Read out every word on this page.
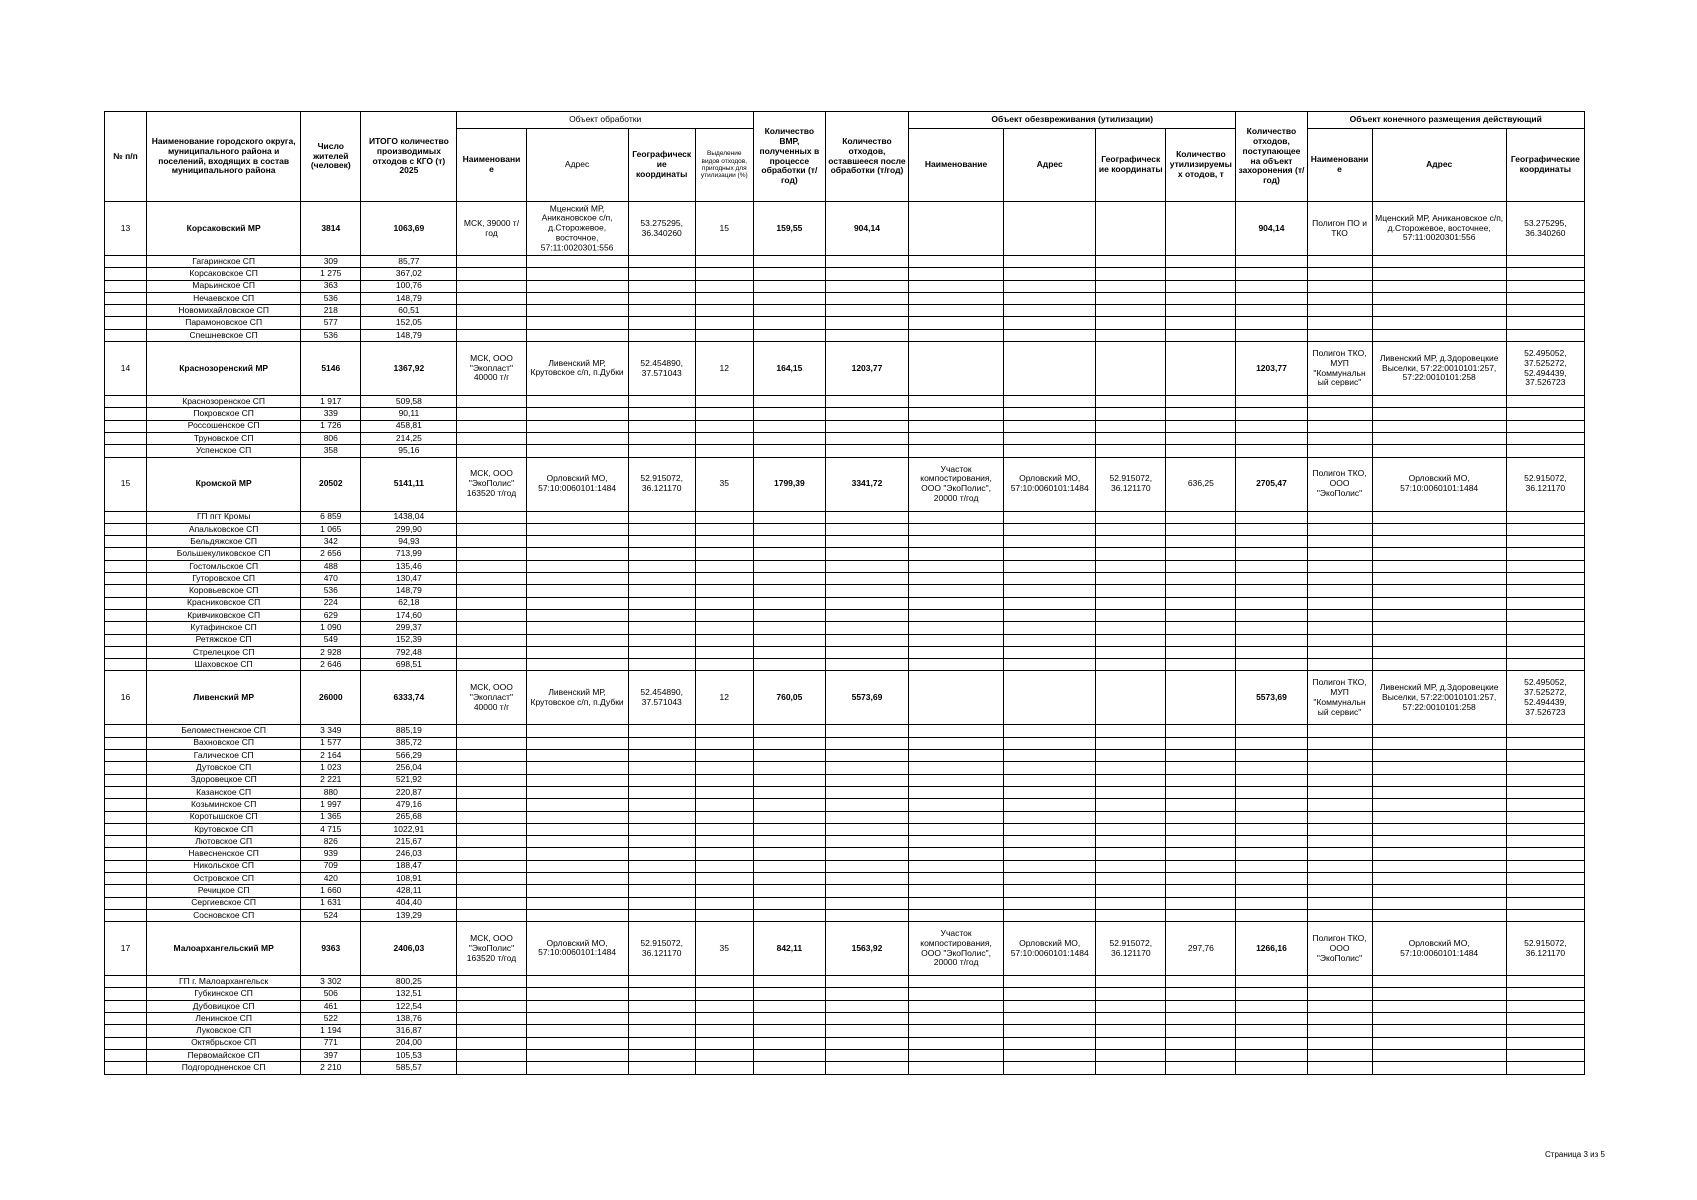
№ п/п	Наименование городского округа, муниципального района и поселений, входящих в состав муниципального района	Число жителей (человек)	ИТОГО количество производимых отходов с КГО (т) 2025	Объект обработки				Количество ВМР, полученных в процессе обработки (т/год)	Количество отходов, оставшееся после обработки (т/год)	Объект обезвреживания (утилизации)				Количество отходов, поступающее на объект захоронения (т/год)	Объект конечного размещения действующий		
				Наименовани е	Адрес	Географическ ие координаты	Выделение видов отходов, пригодных для утилизации (%)			Наименование	Адрес	Географическ ие координаты	Количество утилизируемы х отодов, т		Наименовани е	Адрес	Географические координаты
13	Корсаковский МР	3814	1063,69	МСК, 39000 т/год	Мценский МР, Аникановское с/п, д.Сторожевое, восточное, 57:11:0020301:556	53.275295, 36.340260	15	159,55	904,14					904,14	Полигон ПО и ТКО	Мценский МР, Аникановское с/п, д.Сторожевое, восточнее, 57:11:0020301:556	53.275295, 36.340260
	Гагаринское СП	309	85,77														
	Корсаковское СП	1 275	367,02														
	Марьинское СП	363	100,76														
	Нечаевское СП	536	148,79														
	Новомихайловское СП	218	60,51														
	Парамоновское СП	577	152,05														
	Спешневское СП	536	148,79														
14	Краснозоренский МР	5146	1367,92	МСК, ООО "Экопласт" 40000 т/г	Ливенский МР, Крутовское с/п, п.Дубки	52.454890, 37.571043	12	164,15	1203,77					1203,77	Полигон ТКО, МУП "Коммунальн ый сервис"	Ливенский МР, д.Здоровецкие Выселки, 57:22:0010101:257, 57:22:0010101:258	52.495052, 37.525272, 52.494439, 37.526723
	Краснозоренское СП	1 917	509,58														
	Покровское СП	339	90,11														
	Россошенское СП	1 726	458,81														
	Труновское СП	806	214,25														
	Успенское СП	358	95,16														
15	Кромской МР	20502	5141,11	МСК, ООО "ЭкоПолис" 163520 т/год	Орловский МО, 57:10:0060101:1484	52.915072, 36.121170	35	1799,39	3341,72	Участок компостирования, ООО "ЭкоПолис", 20000 т/год	Орловский МО, 57:10:0060101:1484	52.915072, 36.121170	636,25	2705,47	Полигон ТКО, ООО "ЭкоПолис"	Орловский МО, 57:10:0060101:1484	52.915072, 36.121170
	ГП пгт Кромы	6 859	1438,04														
	Апальковское СП	1 065	299,90														
	Бельдяжское СП	342	94,93														
	Большекуликовское СП	2 656	713,99														
	Гостомльское СП	488	135,46														
	Гуторовское СП	470	130,47														
	Коровьевское СП	536	148,79														
	Красниковское СП	224	62,18														
	Кривчиковское СП	629	174,60														
	Кутафинское СП	1 090	299,37														
	Ретяжское СП	549	152,39														
	Стрелецкое СП	2 928	792,48														
	Шаховское СП	2 646	698,51														
16	Ливенский МР	26000	6333,74	МСК, ООО "Экопласт" 40000 т/г	Ливенский МР, Крутовское с/п, п.Дубки	52.454890, 37.571043	12	760,05	5573,69					5573,69	Полигон ТКО, МУП "Коммунальн ый сервис"	Ливенский МР, д.Здоровецкие Выселки, 57:22:0010101:257, 57:22:0010101:258	52.495052, 37.525272, 52.494439, 37.526723
	Беломестненское СП	3 349	885,19														
	Вахновское СП	1 577	385,72														
	Галическое СП	2 164	566,29														
	Дутовское СП	1 023	256,04														
	Здоровецкое СП	2 221	521,92														
	Казанское СП	880	220,87														
	Козьминское СП	1 997	479,16														
	Коротышское СП	1 365	265,68														
	Крутовское СП	4 715	1022,91														
	Лютовское СП	826	215,67														
	Навесненское СП	939	246,03														
	Никольское СП	709	188,47														
	Островское СП	420	108,91														
	Речицкое СП	1 660	428,11														
	Сергиевское СП	1 631	404,40														
	Сосновское СП	524	139,29														
17	Малоархангельский МР	9363	2406,03	МСК, ООО "ЭкоПолис" 163520 т/год	Орловский МО, 57:10:0060101:1484	52.915072, 36.121170	35	842,11	1563,92	Участок компостирования, ООО "ЭкоПолис", 20000 т/год	Орловский МО, 57:10:0060101:1484	52.915072, 36.121170	297,76	1266,16	Полигон ТКО, ООО "ЭкоПолис"	Орловский МО, 57:10:0060101:1484	52.915072, 36.121170
	ГП г. Малоархангельск	3 302	800,25														
	Губкинское СП	506	132,51														
	Дубовицкое СП	461	122,54														
	Ленинское СП	522	138,76														
	Луковское СП	1 194	316,87														
	Октябрьское СП	771	204,00														
	Первомайское СП	397	105,53														
	Подгородненское СП	2 210	585,57														
Страница 3 из 5
